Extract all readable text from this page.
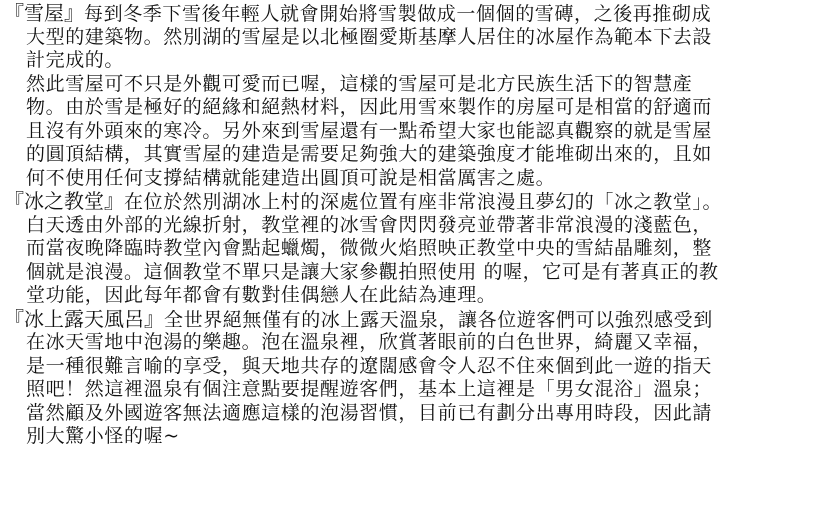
『雪屋』每到冬季下雪後年輕人就會開始將雪製做成一個個的雪磚，之後再推砌成
大型的建築物。然別湖的雪屋是以北極圈愛斯基摩人居住的冰屋作為範本下去設
計完成的。
然此雪屋可不只是外觀可愛而已喔，這樣的雪屋可是北方民族生活下的智慧產
物。由於雪是極好的絕緣和絕熱材料，因此用雪來製作的房屋可是相當的舒適而
且沒有外頭來的寒冷。另外來到雪屋還有一點希望大家也能認真觀察的就是雪屋
的圓頂結構，其實雪屋的建造是需要足夠強大的建築強度才能堆砌出來的，且如
何不使用任何支撐結構就能建造出圓頂可說是相當厲害之處。
『冰之教堂』在位於然別湖冰上村的深處位置有座非常浪漫且夢幻的「冰之教堂」。
白天透由外部的光線折射，教堂裡的冰雪會閃閃發亮並帶著非常浪漫的淺藍色，
而當夜晚降臨時教堂內會點起蠟燭，微微火焰照映正教堂中央的雪結晶雕刻，整
個就是浪漫。這個教堂不單只是讓大家參觀拍照使用 的喔，它可是有著真正的教
堂功能，因此每年都會有數對佳偶戀人在此結為連理。
『冰上露天風呂』全世界絕無僅有的冰上露天溫泉，讓各位遊客們可以強烈感受到
在冰天雪地中泡湯的樂趣。泡在溫泉裡，欣賞著眼前的白色世界，綺麗又幸福，
是一種很難言喻的享受，與天地共存的遼闊感會令人忍不住來個到此一遊的指天
照吧！然這裡溫泉有個注意點要提醒遊客們，基本上這裡是「男女混浴」溫泉；
當然顧及外國遊客無法適應這樣的泡湯習慣，目前已有劃分出專用時段，因此請
別大驚小怪的喔~
